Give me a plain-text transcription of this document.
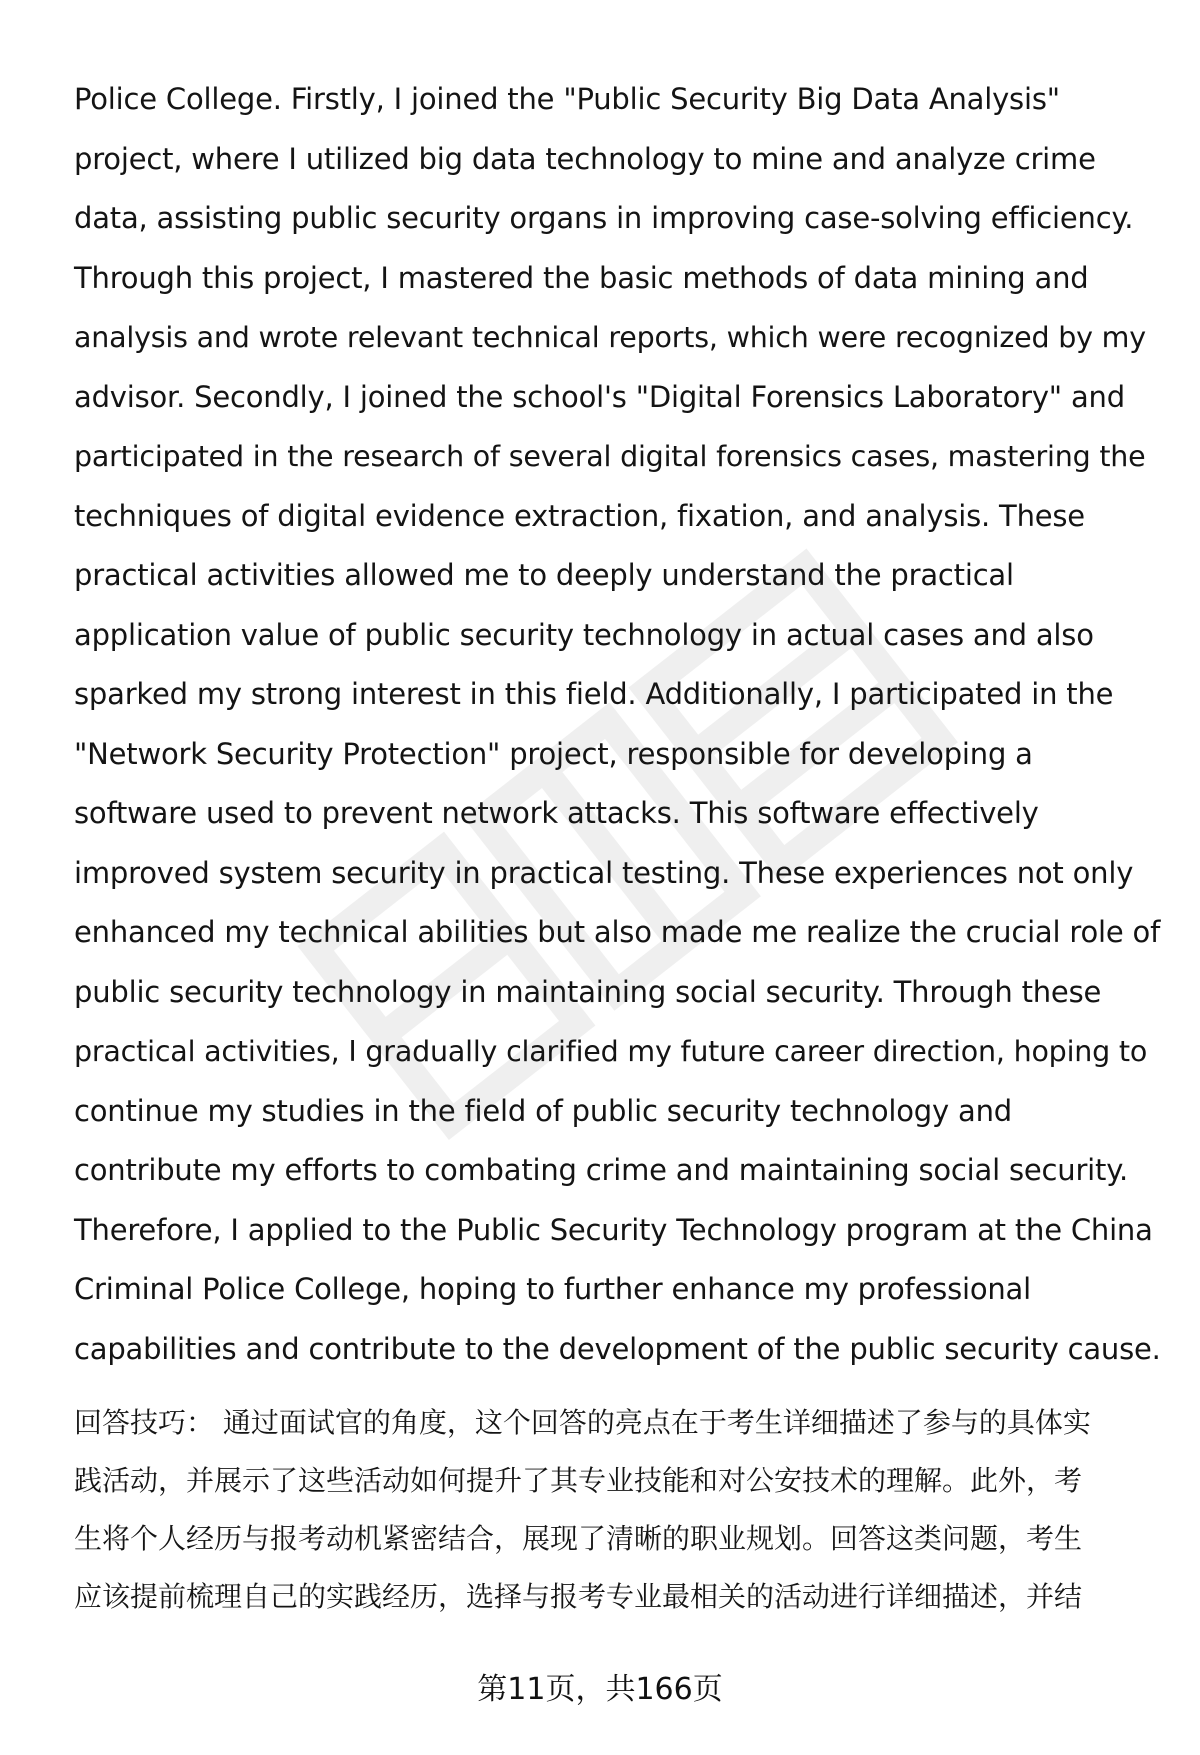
Police College. Firstly, I joined the "Public Security Big Data Analysis"
project, where I utilized big data technology to mine and analyze crime
data, assisting public security organs in improving case-solving efficiency.
Through this project, I mastered the basic methods of data mining and
analysis and wrote relevant technical reports, which were recognized by my
advisor. Secondly, I joined the school's "Digital Forensics Laboratory" and
participated in the research of several digital forensics cases, mastering the
techniques of digital evidence extraction, fixation, and analysis. These
practical activities allowed me to deeply understand the practical
application value of public security technology in actual cases and also
sparked my strong interest in this field. Additionally, I participated in the
"Network Security Protection" project, responsible for developing a
software used to prevent network attacks. This software effectively
improved system security in practical testing. These experiences not only
enhanced my technical abilities but also made me realize the crucial role of
public security technology in maintaining social security. Through these
practical activities, I gradually clarified my future career direction, hoping to
continue my studies in the field of public security technology and
contribute my efforts to combating crime and maintaining social security.
Therefore, I applied to the Public Security Technology program at the China
Criminal Police College, hoping to further enhance my professional
capabilities and contribute to the development of the public security cause.
回答技巧： 通过面试官的角度，这个回答的亮点在于考生详细描述了参与的具体实
践活动，并展示了这些活动如何提升了其专业技能和对公安技术的理解。此外，考
生将个人经历与报考动机紧密结合，展现了清晰的职业规划。回答这类问题，考生
应该提前梳理自己的实践经历，选择与报考专业最相关的活动进行详细描述，并结
第11页，共166页
